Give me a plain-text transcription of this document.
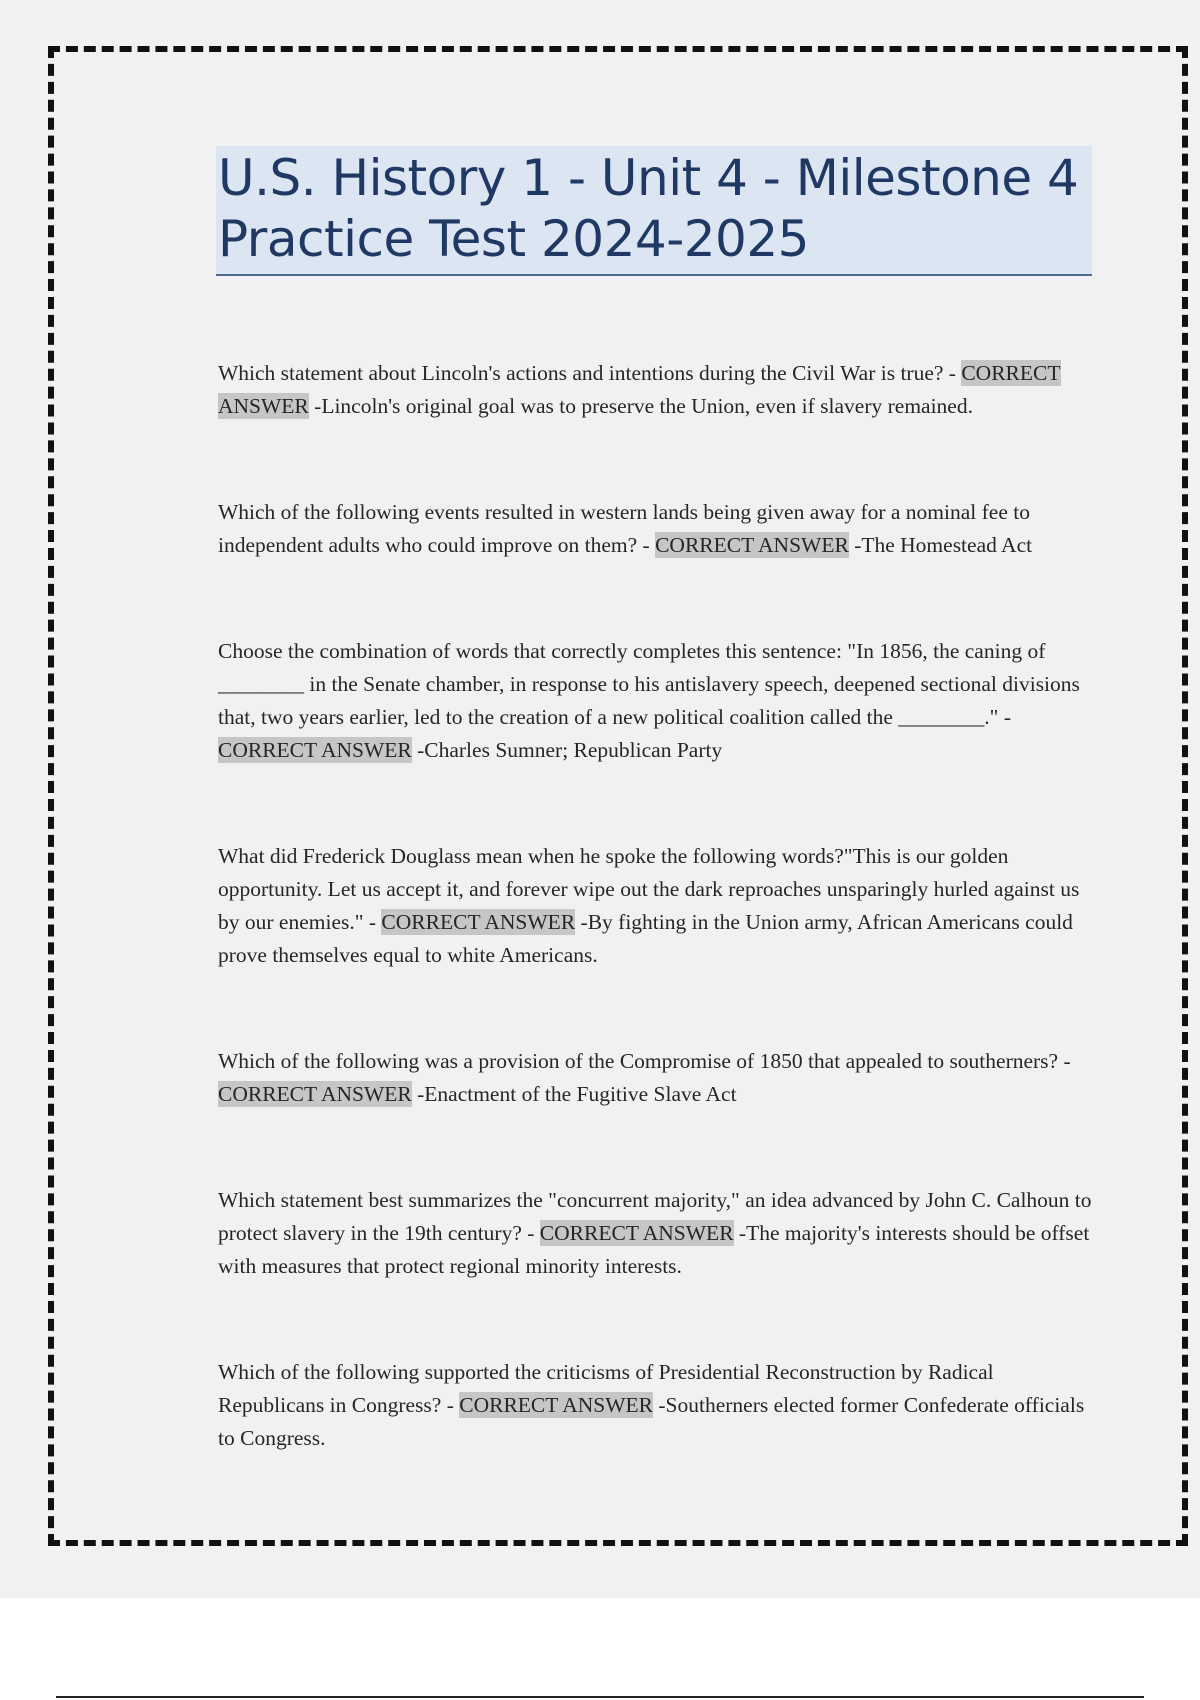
U.S. History 1 - Unit 4 - Milestone 4 Practice Test 2024-2025

Which statement about Lincoln's actions and intentions during the Civil War is true? - CORRECT ANSWER -Lincoln's original goal was to preserve the Union, even if slavery remained.

Which of the following events resulted in western lands being given away for a nominal fee to independent adults who could improve on them? - CORRECT ANSWER -The Homestead Act

Choose the combination of words that correctly completes this sentence: "In 1856, the caning of ________ in the Senate chamber, in response to his antislavery speech, deepened sectional divisions that, two years earlier, led to the creation of a new political coalition called the ________." - CORRECT ANSWER -Charles Sumner; Republican Party

What did Frederick Douglass mean when he spoke the following words?"This is our golden opportunity. Let us accept it, and forever wipe out the dark reproaches unsparingly hurled against us by our enemies." - CORRECT ANSWER -By fighting in the Union army, African Americans could prove themselves equal to white Americans.

Which of the following was a provision of the Compromise of 1850 that appealed to southerners? - CORRECT ANSWER -Enactment of the Fugitive Slave Act

Which statement best summarizes the "concurrent majority," an idea advanced by John C. Calhoun to protect slavery in the 19th century? - CORRECT ANSWER -The majority's interests should be offset with measures that protect regional minority interests.

Which of the following supported the criticisms of Presidential Reconstruction by Radical Republicans in Congress? - CORRECT ANSWER -Southerners elected former Confederate officials to Congress.
